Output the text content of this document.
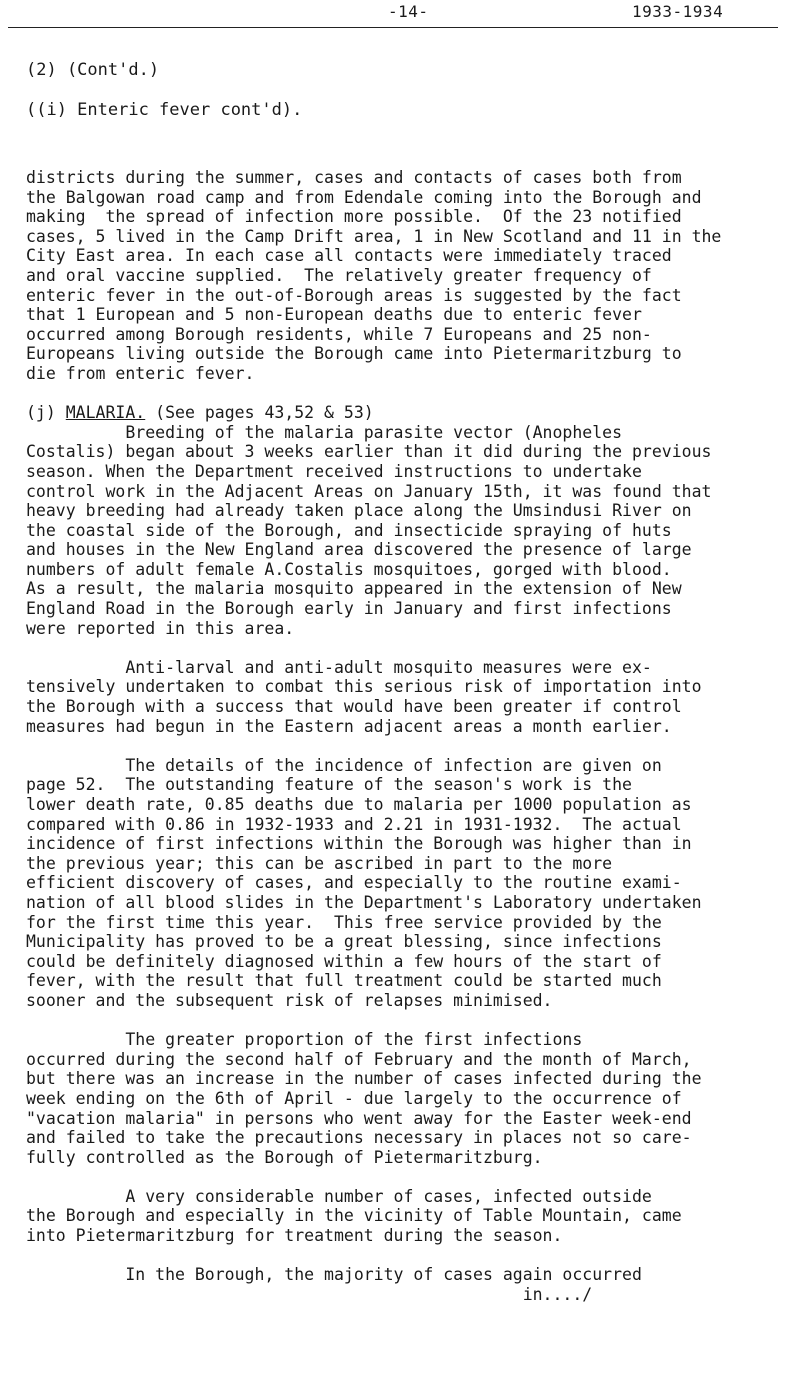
-14-	1933-1934
(2) (Cont'd.)
((i) Enteric fever cont'd).
districts during the summer, cases and contacts of cases both from
the Balgowan road camp and from Edendale coming into the Borough and
making  the spread of infection more possible.  Of the 23 notified
cases, 5 lived in the Camp Drift area, 1 in New Scotland and 11 in the
City East area. In each case all contacts were immediately traced
and oral vaccine supplied.  The relatively greater frequency of
enteric fever in the out-of-Borough areas is suggested by the fact
that 1 European and 5 non-European deaths due to enteric fever
occurred among Borough residents, while 7 Europeans and 25 non-
Europeans living outside the Borough came into Pietermaritzburg to
die from enteric fever.
(j) MALARIA. (See pages 43,52 & 53)
Breeding of the malaria parasite vector (Anopheles
Costalis) began about 3 weeks earlier than it did during the previous
season. When the Department received instructions to undertake
control work in the Adjacent Areas on January 15th, it was found that
heavy breeding had already taken place along the Umsindusi River on
the coastal side of the Borough, and insecticide spraying of huts
and houses in the New England area discovered the presence of large
numbers of adult female A.Costalis mosquitoes, gorged with blood.
As a result, the malaria mosquito appeared in the extension of New
England Road in the Borough early in January and first infections
were reported in this area.
Anti-larval and anti-adult mosquito measures were ex-
tensively undertaken to combat this serious risk of importation into
the Borough with a success that would have been greater if control
measures had begun in the Eastern adjacent areas a month earlier.
The details of the incidence of infection are given on
page 52.  The outstanding feature of the season's work is the
lower death rate, 0.85 deaths due to malaria per 1000 population as
compared with 0.86 in 1932-1933 and 2.21 in 1931-1932.  The actual
incidence of first infections within the Borough was higher than in
the previous year; this can be ascribed in part to the more
efficient discovery of cases, and especially to the routine exami-
nation of all blood slides in the Department's Laboratory undertaken
for the first time this year.  This free service provided by the
Municipality has proved to be a great blessing, since infections
could be definitely diagnosed within a few hours of the start of
fever, with the result that full treatment could be started much
sooner and the subsequent risk of relapses minimised.
The greater proportion of the first infections
occurred during the second half of February and the month of March,
but there was an increase in the number of cases infected during the
week ending on the 6th of April - due largely to the occurrence of
"vacation malaria" in persons who went away for the Easter week-end
and failed to take the precautions necessary in places not so care-
fully controlled as the Borough of Pietermaritzburg.
A very considerable number of cases, infected outside
the Borough and especially in the vicinity of Table Mountain, came
into Pietermaritzburg for treatment during the season.
In the Borough, the majority of cases again occurred
in..../
